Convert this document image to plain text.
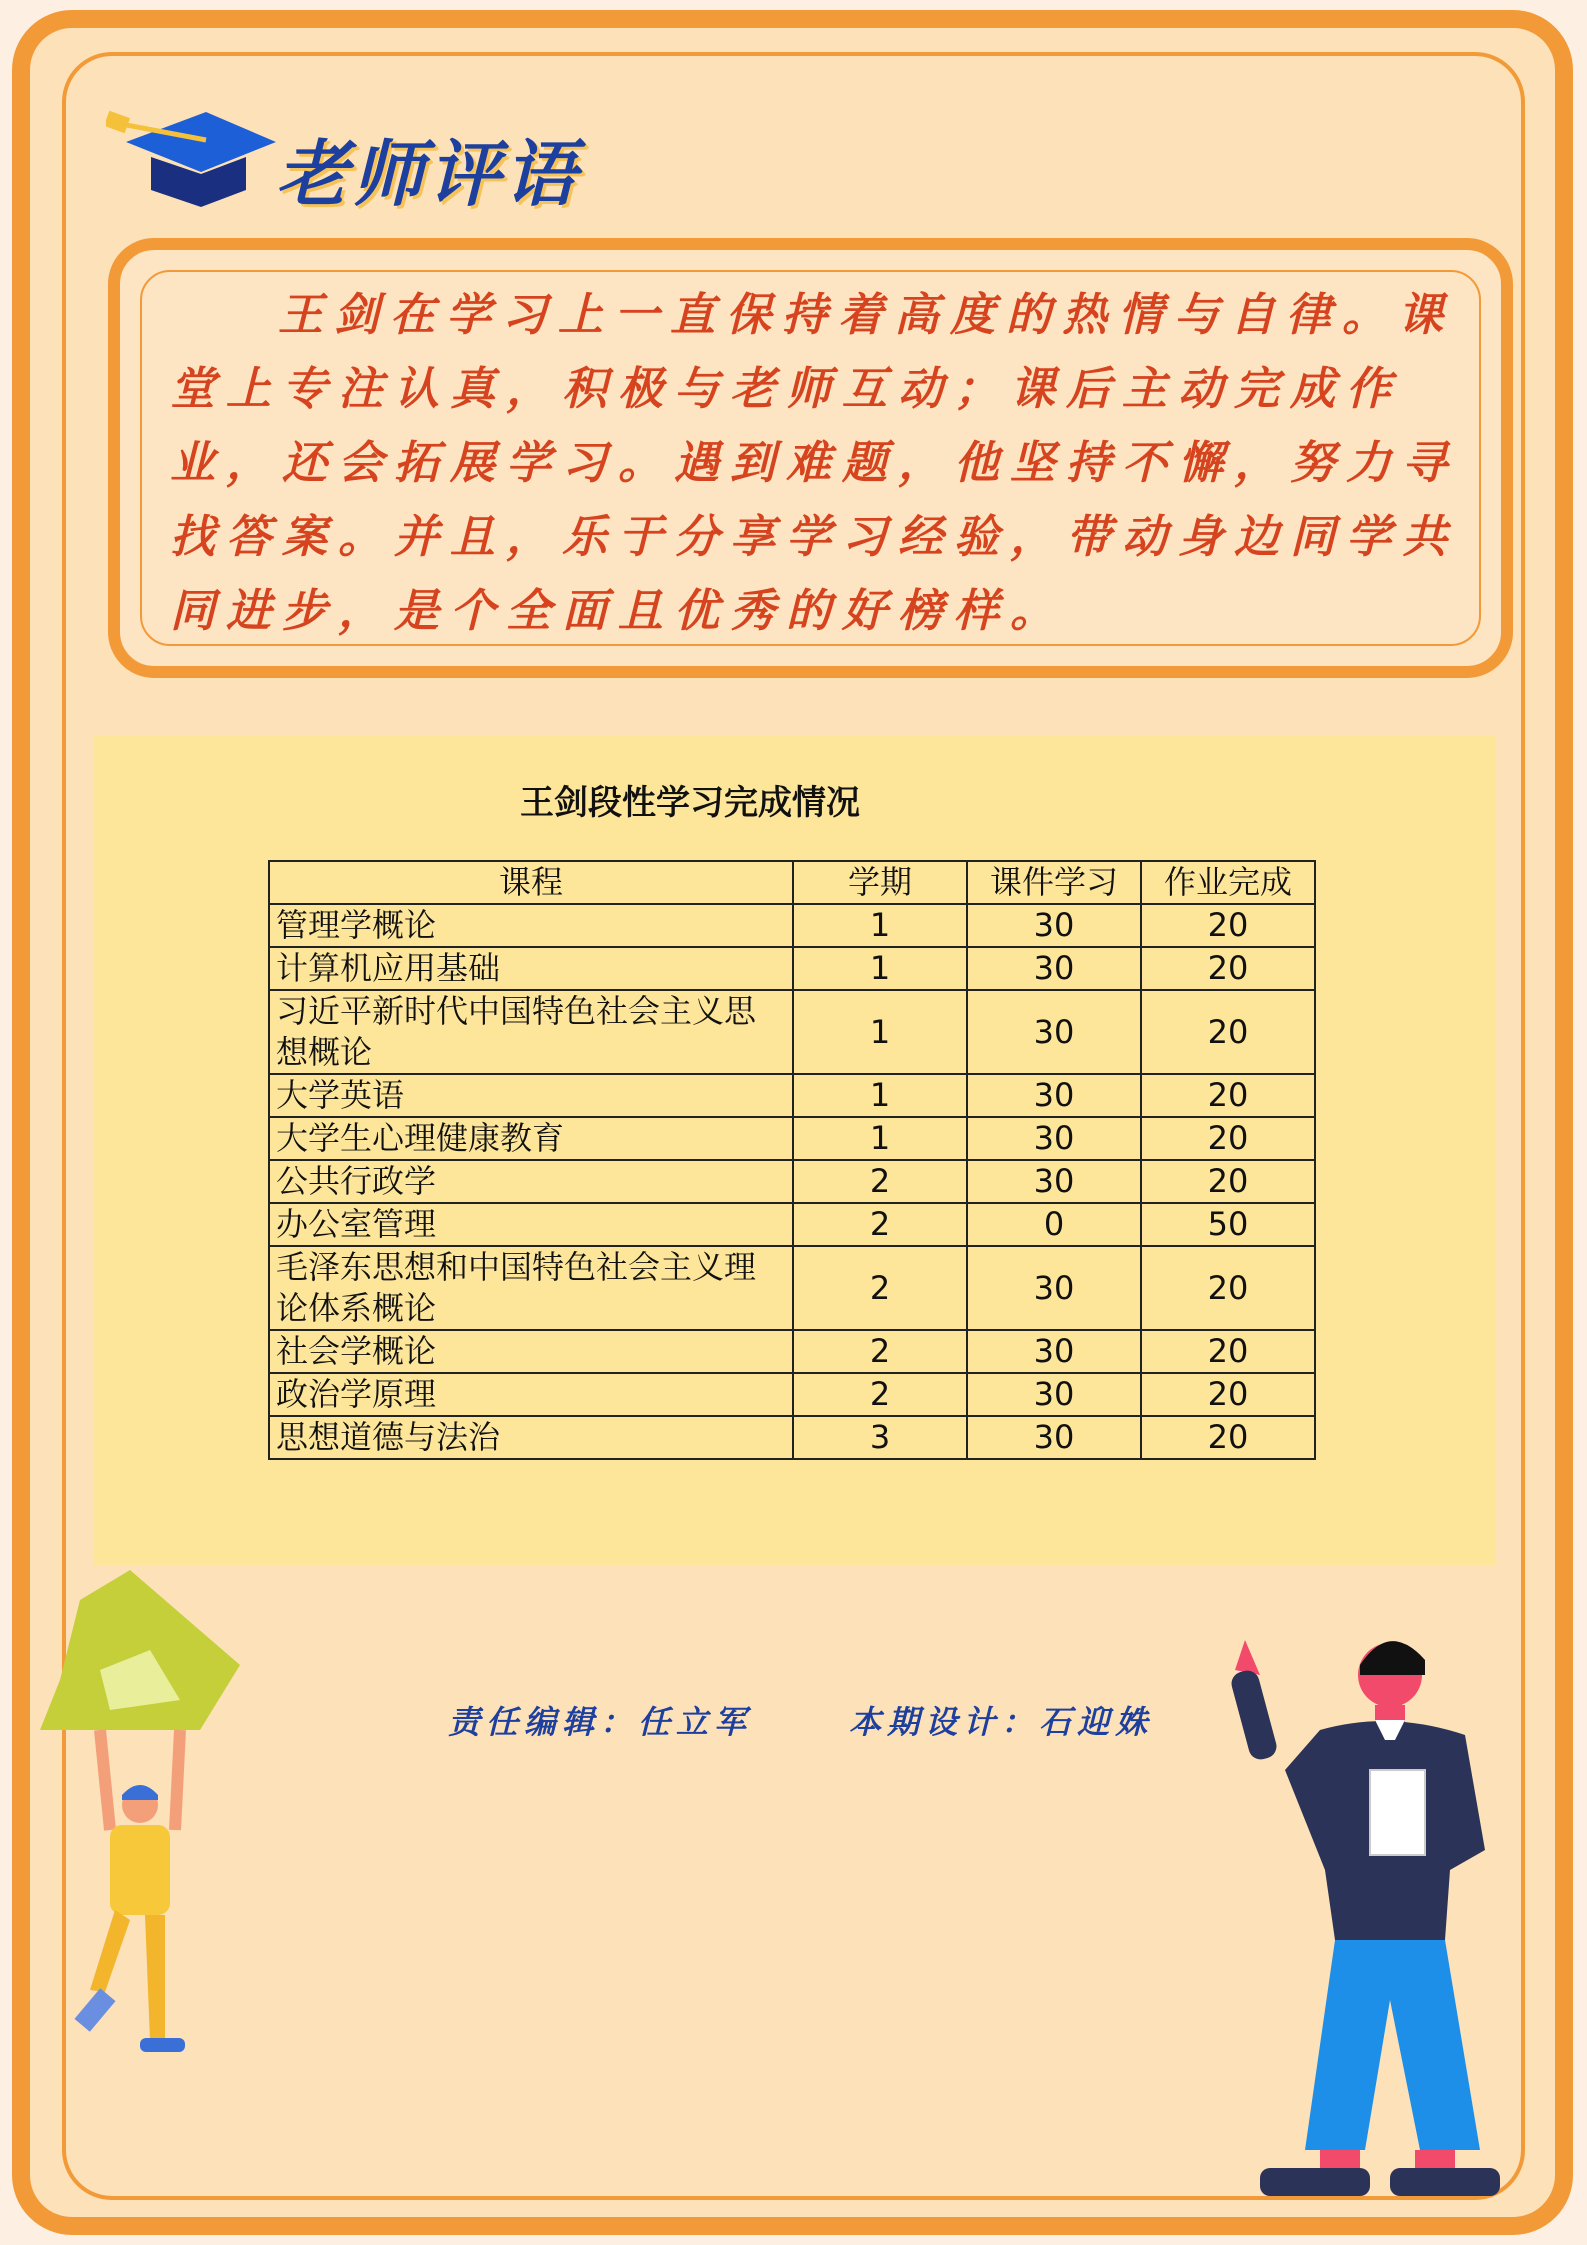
老师评语

王剑在学习上一直保持着高度的热情与自律。课堂上专注认真，积极与老师互动；课后主动完成作业，还会拓展学习。遇到难题，他坚持不懈，努力寻找答案。并且，乐于分享学习经验，带动身边同学共同进步，是个全面且优秀的好榜样。

王剑段性学习完成情况

课程	学期	课件学习	作业完成
管理学概论	1	30	20
计算机应用基础	1	30	20
习近平新时代中国特色社会主义思想概论	1	30	20
大学英语	1	30	20
大学生心理健康教育	1	30	20
公共行政学	2	30	20
办公室管理	2	0	50
毛泽东思想和中国特色社会主义理论体系概论	2	30	20
社会学概论	2	30	20
政治学原理	2	30	20
思想道德与法治	3	30	20
责任编辑：任立军	本期设计：石迎姝
